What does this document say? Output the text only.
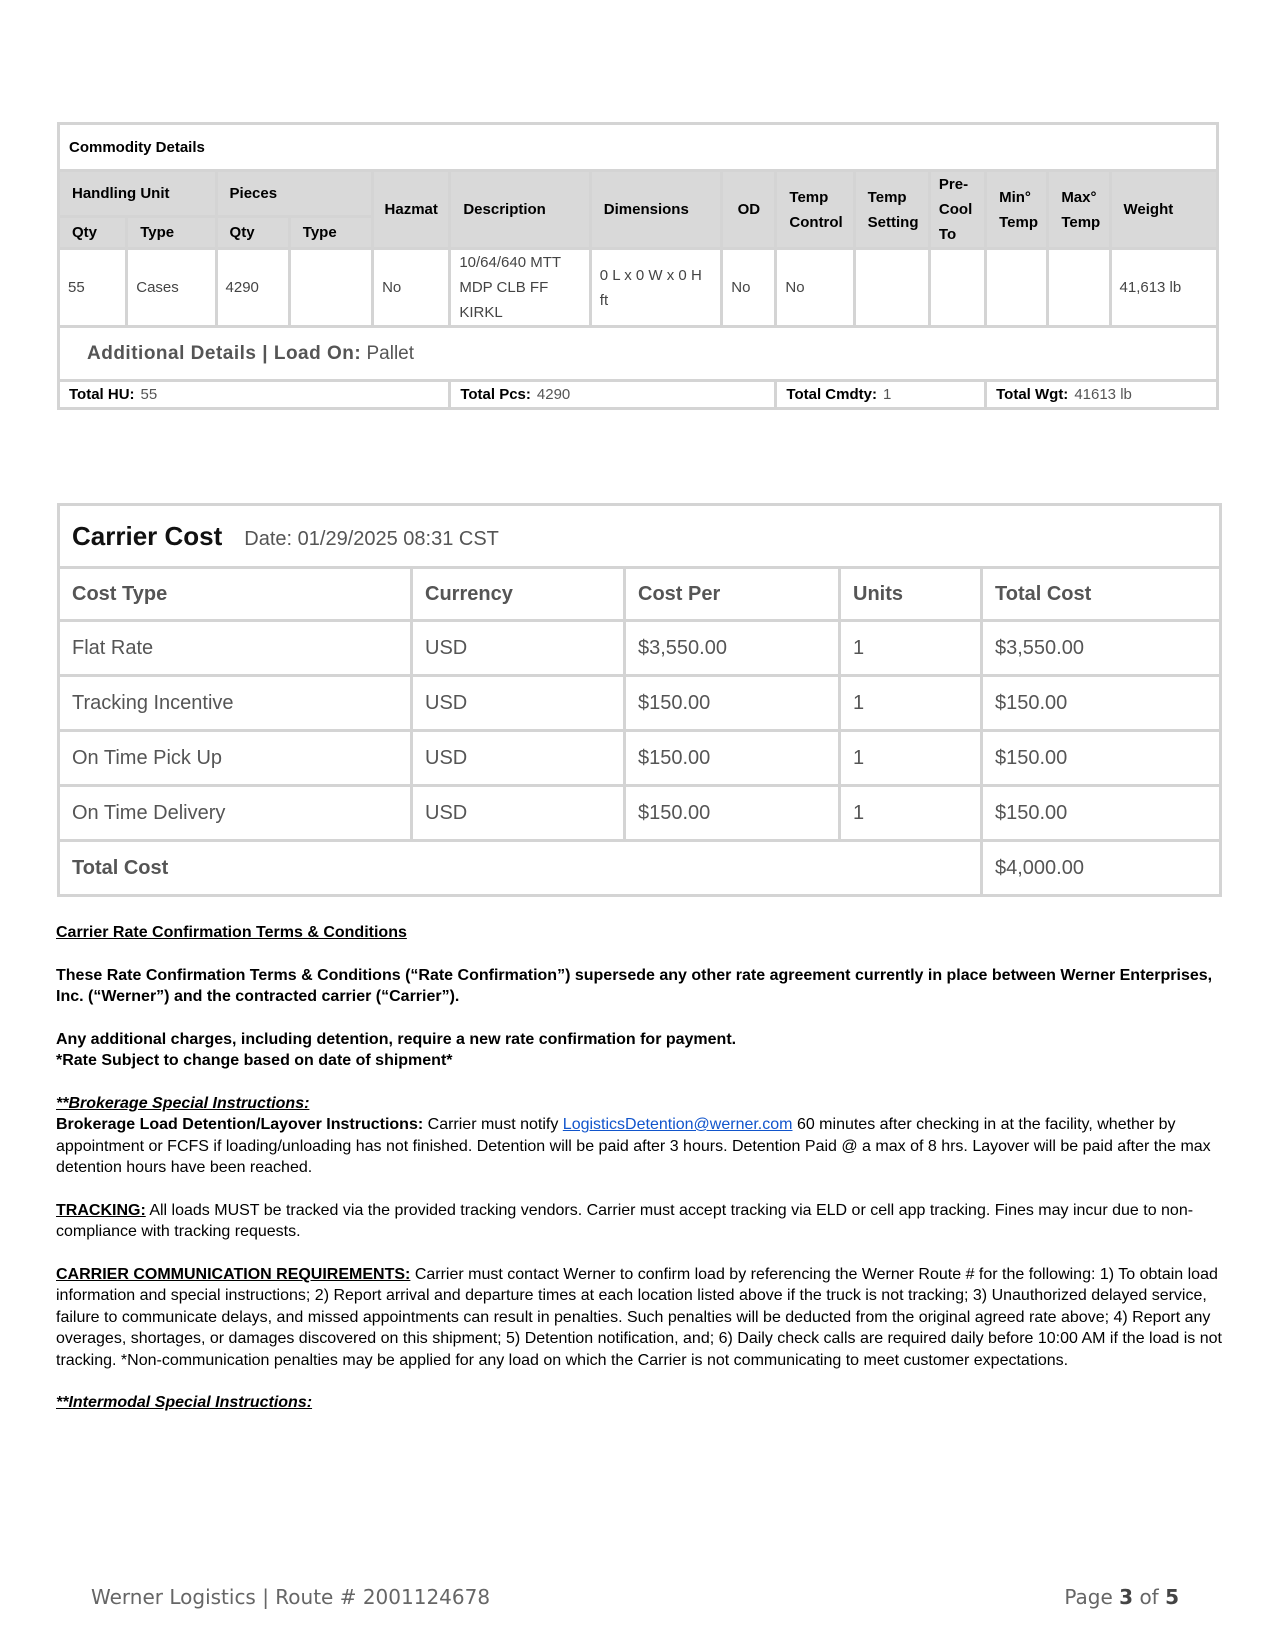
Commodity Details													
Handling Unit		Pieces		Hazmat	Description	Dimensions	OD	Temp Control	Temp Setting	Pre-Cool To	Min° Temp	Max° Temp	Weight
Qty	Type	Qty	Type										
55	Cases	4290		No	10/64/640 MTT MDP CLB FF KIRKL	0 L x 0 W x 0 H ft	No	No					41,613 lb
Additional Details | Load On: Pallet													
Total HU: 55					Total Pcs: 4290			Total Cmdty: 1			Total Wgt: 41613 lb		
Carrier Cost Date: 01/29/2025 08:31 CST				
Cost Type	Currency	Cost Per	Units	Total Cost
Flat Rate	USD	$3,550.00	1	$3,550.00
Tracking Incentive	USD	$150.00	1	$150.00
On Time Pick Up	USD	$150.00	1	$150.00
On Time Delivery	USD	$150.00	1	$150.00
Total Cost				$4,000.00

Carrier Rate Confirmation Terms & Conditions

These Rate Confirmation Terms & Conditions (“Rate Confirmation”) supersede any other rate agreement currently in place between Werner Enterprises, Inc. (“Werner”) and the contracted carrier (“Carrier”).

Any additional charges, including detention, require a new rate confirmation for payment.

*Rate Subject to change based on date of shipment*

**Brokerage Special Instructions:

Brokerage Load Detention/Layover Instructions: Carrier must notify LogisticsDetention@werner.com 60 minutes after checking in at the facility, whether by appointment or FCFS if loading/unloading has not finished. Detention will be paid after 3 hours. Detention Paid @ a max of 8 hrs. Layover will be paid after the max detention hours have been reached.

TRACKING: All loads MUST be tracked via the provided tracking vendors. Carrier must accept tracking via ELD or cell app tracking. Fines may incur due to non-compliance with tracking requests.

CARRIER COMMUNICATION REQUIREMENTS: Carrier must contact Werner to confirm load by referencing the Werner Route # for the following: 1) To obtain load information and special instructions; 2) Report arrival and departure times at each location listed above if the truck is not tracking; 3) Unauthorized delayed service, failure to communicate delays, and missed appointments can result in penalties. Such penalties will be deducted from the original agreed rate above; 4) Report any overages, shortages, or damages discovered on this shipment; 5) Detention notification, and; 6) Daily check calls are required daily before 10:00 AM if the load is not tracking. *Non-communication penalties may be applied for any load on which the Carrier is not communicating to meet customer expectations.

**Intermodal Special Instructions:

Werner Logistics | Route # 2001124678	Page 3 of 5
